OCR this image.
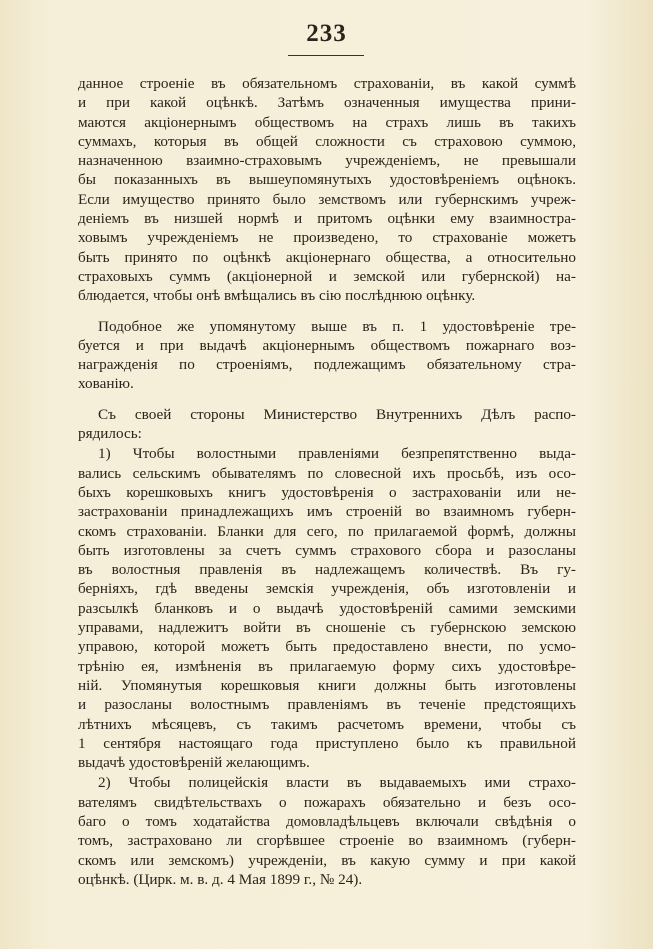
233
данное строеніе въ обязательномъ страхованіи, въ какой суммѣ
и при какой оцѣнкѣ. Затѣмъ означенныя имущества прини-
маются акціонернымъ обществомъ на страхъ лишь въ такихъ
суммахъ, которыя въ общей сложности съ страховою суммою,
назначенною взаимно-страховымъ учрежденіемъ, не превышали
бы показанныхъ въ вышеупомянутыхъ удостовѣреніемъ оцѣнокъ.
Если имущество принято было земствомъ или губернскимъ учреж-
деніемъ въ низшей нормѣ и притомъ оцѣнки ему взаимностра-
ховымъ учрежденіемъ не произведено, то страхованіе можетъ
быть принято по оцѣнкѣ акціонернаго общества, а относительно
страховыхъ суммъ (акціонерной и земской или губернской) на-
блюдается, чтобы онѣ вмѣщались въ сію послѣднюю оцѣнку.
Подобное же упомянутому выше въ п. 1 удостовѣреніе тре-
буется и при выдачѣ акціонернымъ обществомъ пожарнаго воз-
награжденія по строеніямъ, подлежащимъ обязательному стра-
хованію.
Съ своей стороны Министерство Внутреннихъ Дѣлъ распо-
рядилось:
1) Чтобы волостными правленіями безпрепятственно выда-
вались сельскимъ обывателямъ по словесной ихъ просьбѣ, изъ осо-
быхъ корешковыхъ книгъ удостовѣренія о застрахованіи или не-
застрахованіи принадлежащихъ имъ строеній во взаимномъ губерн-
скомъ страхованіи. Бланки для сего, по прилагаемой формѣ, должны
быть изготовлены за счетъ суммъ страхового сбора и разосланы
въ волостныя правленія въ надлежащемъ количествѣ. Въ гу-
берніяхъ, гдѣ введены земскія учрежденія, объ изготовленіи и
разсылкѣ бланковъ и о выдачѣ удостовѣреній самими земскими
управами, надлежитъ войти въ сношеніе съ губернскою земскою
управою, которой можетъ быть предоставлено внести, по усмо-
трѣнію ея, измѣненія въ прилагаемую форму сихъ удостовѣре-
ній. Упомянутыя корешковыя книги должны быть изготовлены
и разосланы волостнымъ правленіямъ въ теченіе предстоящихъ
лѣтнихъ мѣсяцевъ, съ такимъ расчетомъ времени, чтобы съ
1 сентября настоящаго года приступлено было къ правильной
выдачѣ удостовѣреній желающимъ.
2) Чтобы полицейскія власти въ выдаваемыхъ ими страхо-
вателямъ свидѣтельствахъ о пожарахъ обязательно и безъ осо-
баго о томъ ходатайства домовладѣльцевъ включали свѣдѣнія о
томъ, застраховано ли сгорѣвшее строеніе во взаимномъ (губерн-
скомъ или земскомъ) учрежденіи, въ какую сумму и при какой
оцѣнкѣ. (Цирк. м. в. д. 4 Мая 1899 г., № 24).
